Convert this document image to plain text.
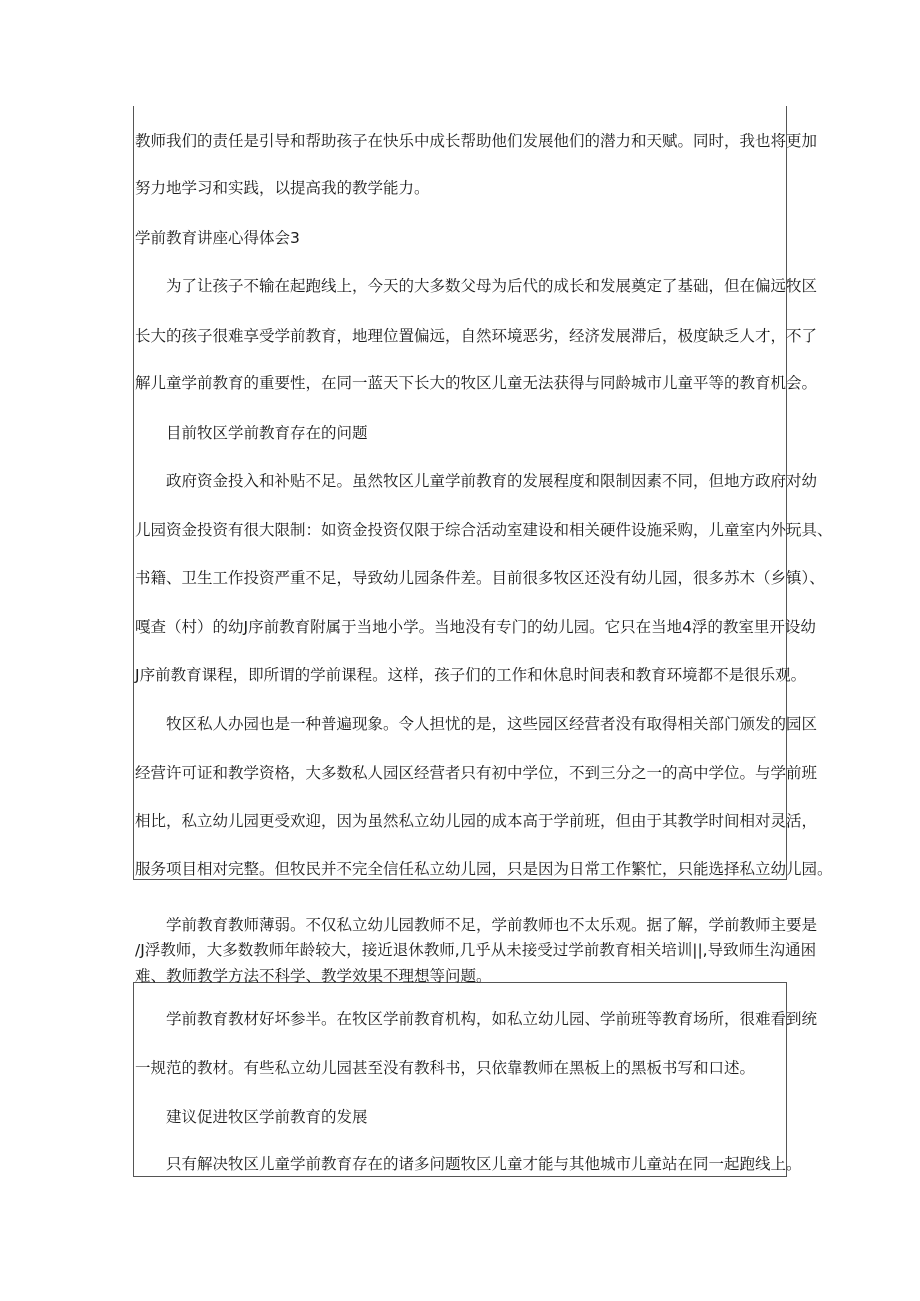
教师我们的责任是引导和帮助孩子在快乐中成长帮助他们发展他们的潜力和天赋。同时，我也将更加
努力地学习和实践，以提高我的教学能力。
学前教育讲座心得体会3
为了让孩子不输在起跑线上，今天的大多数父母为后代的成长和发展奠定了基础，但在偏远牧区
长大的孩子很难享受学前教育，地理位置偏远，自然环境恶劣，经济发展滞后，极度缺乏人才，不了
解儿童学前教育的重要性，在同一蓝天下长大的牧区儿童无法获得与同龄城市儿童平等的教育机会。
目前牧区学前教育存在的问题
政府资金投入和补贴不足。虽然牧区儿童学前教育的发展程度和限制因素不同，但地方政府对幼
儿园资金投资有很大限制：如资金投资仅限于综合活动室建设和相关硬件设施采购，儿童室内外玩具、
书籍、卫生工作投资严重不足，导致幼儿园条件差。目前很多牧区还没有幼儿园，很多苏木（乡镇）、
嘎查（村）的幼J序前教育附属于当地小学。当地没有专门的幼儿园。它只在当地4浮的教室里开设幼
J序前教育课程，即所谓的学前课程。这样，孩子们的工作和休息时间表和教育环境都不是很乐观。
牧区私人办园也是一种普遍现象。令人担忧的是，这些园区经营者没有取得相关部门颁发的园区
经营许可证和教学资格，大多数私人园区经营者只有初中学位，不到三分之一的高中学位。与学前班
相比，私立幼儿园更受欢迎，因为虽然私立幼儿园的成本高于学前班，但由于其教学时间相对灵活，
服务项目相对完整。但牧民并不完全信任私立幼儿园，只是因为日常工作繁忙，只能选择私立幼儿园。
学前教育教师薄弱。不仅私立幼儿园教师不足，学前教师也不太乐观。据了解，学前教师主要是
/J浮教师，大多数教师年龄较大，接近退休教师,几乎从未接受过学前教育相关培训||,导致师生沟通困
难、教师教学方法不科学、教学效果不理想等问题。
学前教育教材好坏参半。在牧区学前教育机构，如私立幼儿园、学前班等教育场所，很难看到统
一规范的教材。有些私立幼儿园甚至没有教科书，只依靠教师在黑板上的黑板书写和口述。
建议促进牧区学前教育的发展
只有解决牧区儿童学前教育存在的诸多问题牧区儿童才能与其他城市儿童站在同一起跑线上。
